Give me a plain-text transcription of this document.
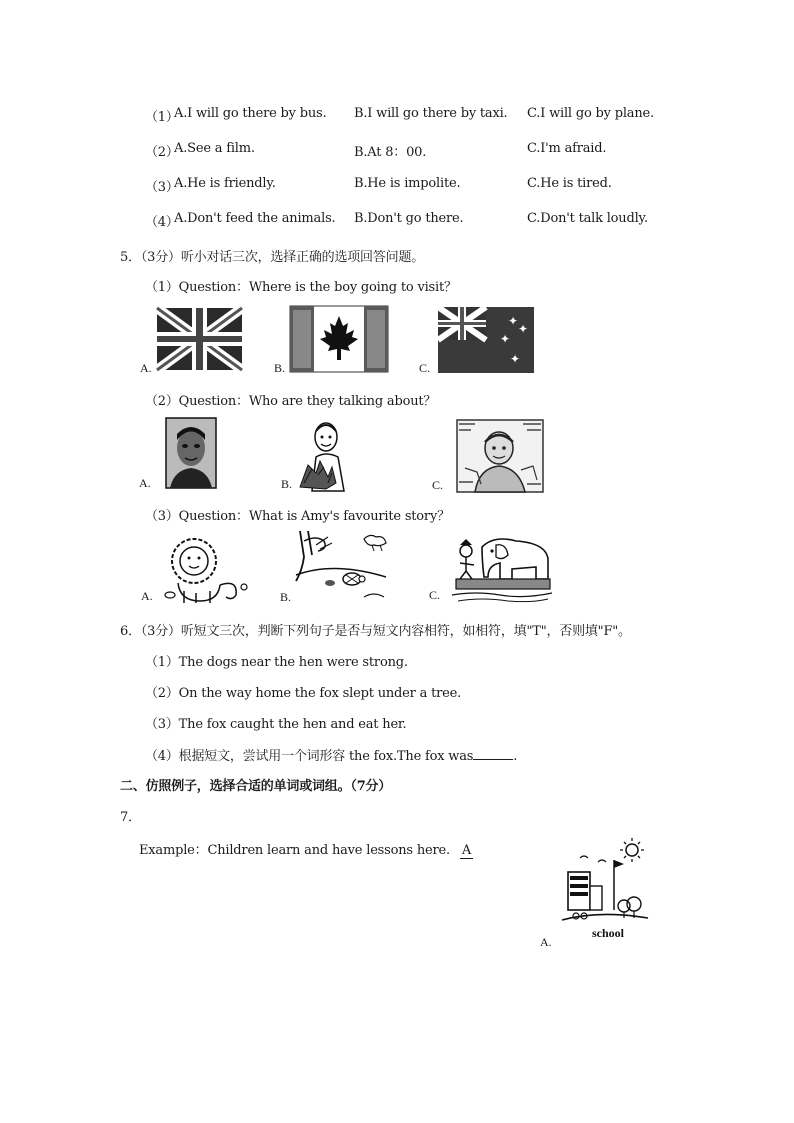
（1）
A.I will go there by bus. B.I will go there by taxi. C.I will go by plane.
（2）
A.See a film.	B.At 8：00.	C.I'm afraid.
（3）
A.He is friendly.	B.He is impolite.	C.He is tired.
（4）
A.Don't feed the animals. B.Don't go there.	C.Don't talk loudly.
5．（3分）听小对话三次，选择正确的选项回答问题。
（1）Question：Where is the boy going to visit？
A.	B.
✦
✦
✦
✦
C.
（2）Question：Who are they talking about？
A.	B.	C.
（3）Question：What is Amy's favourite story？
A.	B.	C.
6．（3分）听短文三次，判断下列句子是否与短文内容相符，如相符，填"T"，否则填"F"。
（1）The dogs near the hen were strong.
（2）On the way home the fox slept under a tree.
（3）The fox caught the hen and eat her.
（4）根据短文，尝试用一个词形容 the fox.The fox was	.
二、仿照例子，选择合适的单词或词组。（7分）
7．
Example：Children learn and have lessons here. A
school
A.
